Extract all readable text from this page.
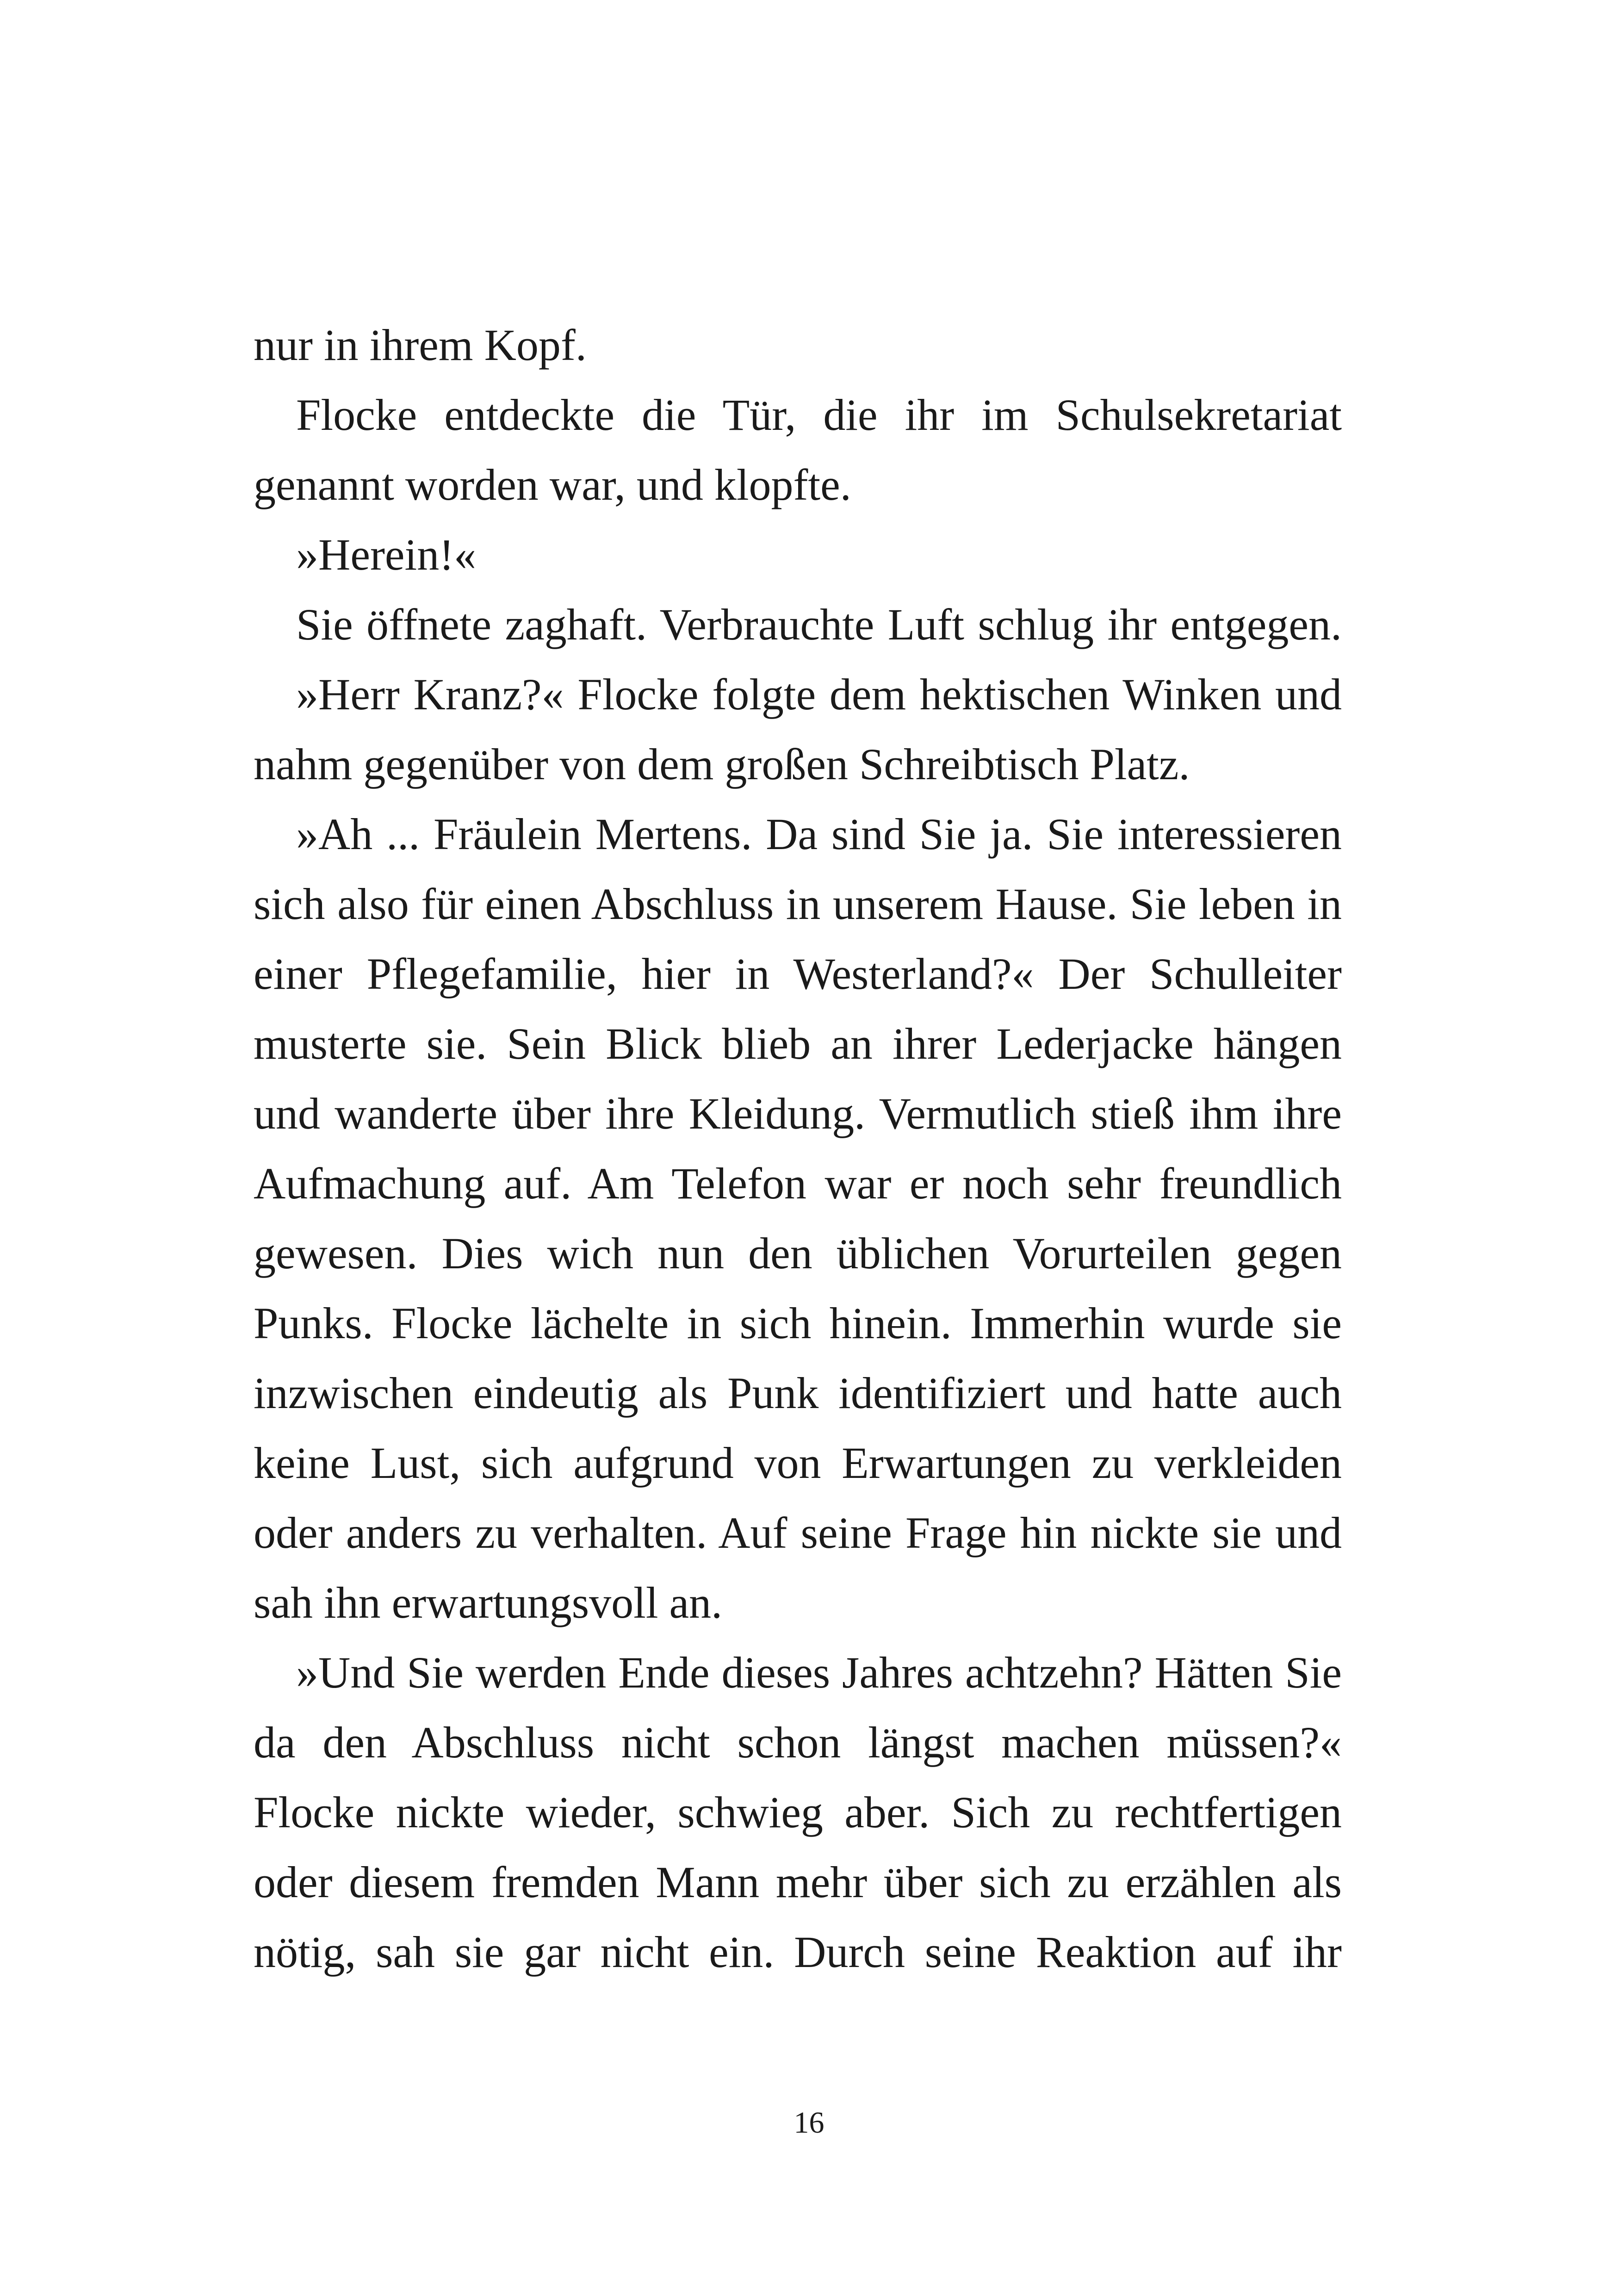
nur in ihrem Kopf.
Flocke entdeckte die Tür, die ihr im Schulsekretariat
genannt worden war, und klopfte.
»Herein!«
Sie öffnete zaghaft. Verbrauchte Luft schlug ihr entgegen.
»Herr Kranz?« Flocke folgte dem hektischen Winken und
nahm gegenüber von dem großen Schreibtisch Platz.
»Ah ... Fräulein Mertens. Da sind Sie ja. Sie interessieren
sich also für einen Abschluss in unserem Hause. Sie leben in
einer Pflegefamilie, hier in Westerland?« Der Schulleiter
musterte sie. Sein Blick blieb an ihrer Lederjacke hängen
und wanderte über ihre Kleidung. Vermutlich stieß ihm ihre
Aufmachung auf. Am Telefon war er noch sehr freundlich
gewesen. Dies wich nun den üblichen Vorurteilen gegen
Punks. Flocke lächelte in sich hinein. Immerhin wurde sie
inzwischen eindeutig als Punk identifiziert und hatte auch
keine Lust, sich aufgrund von Erwartungen zu verkleiden
oder anders zu verhalten. Auf seine Frage hin nickte sie und
sah ihn erwartungsvoll an.
»Und Sie werden Ende dieses Jahres achtzehn? Hätten Sie
da den Abschluss nicht schon längst machen müssen?«
Flocke nickte wieder, schwieg aber. Sich zu rechtfertigen
oder diesem fremden Mann mehr über sich zu erzählen als
nötig, sah sie gar nicht ein. Durch seine Reaktion auf ihr
16
